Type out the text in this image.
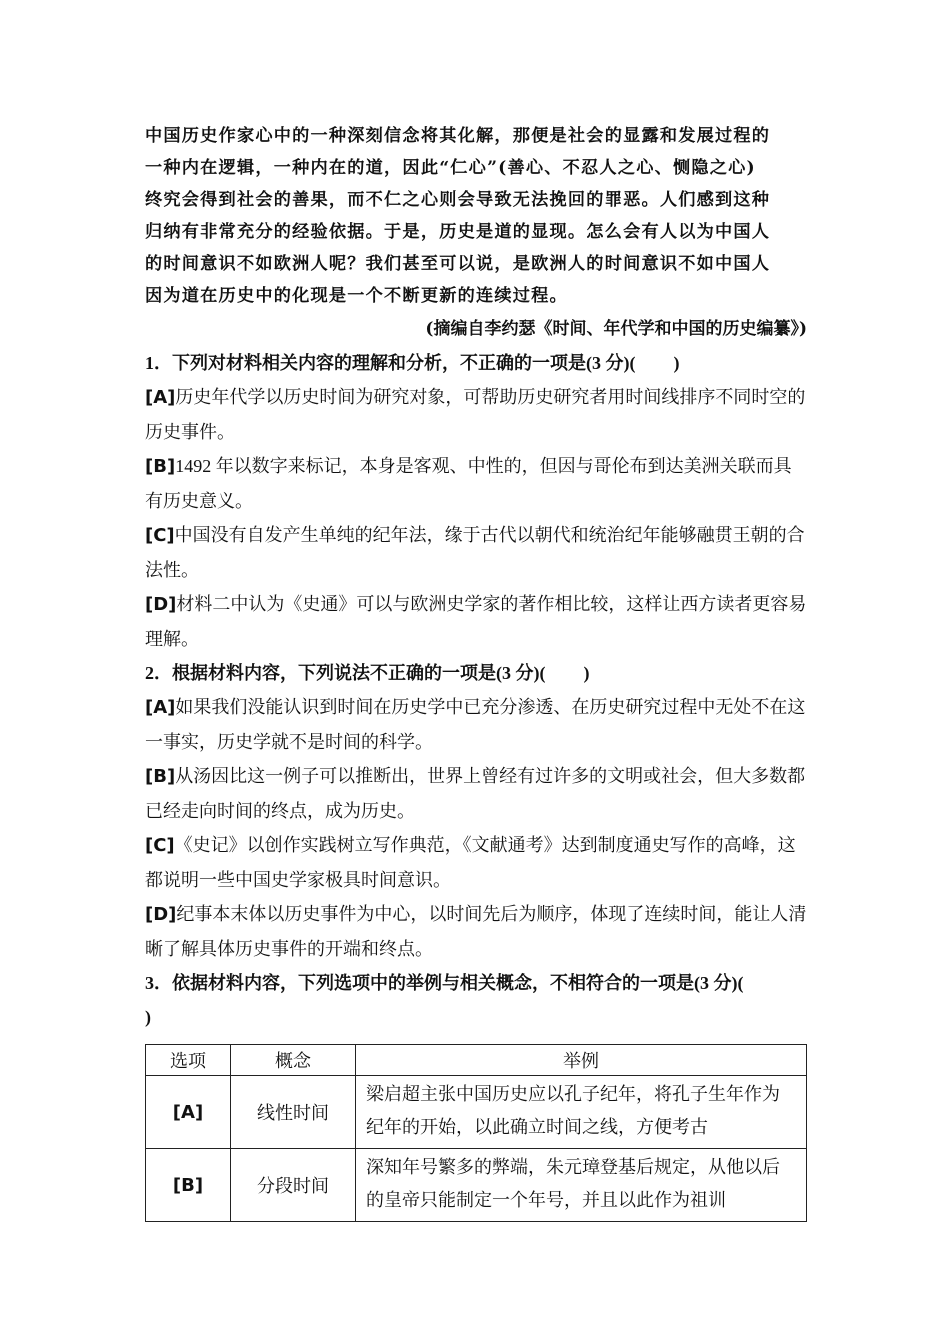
中国历史作家心中的一种深刻信念将其化解，那便是社会的显露和发展过程的
一种内在逻辑，一种内在的道，因此“仁心”(善心、不忍人之心、恻隐之心)
终究会得到社会的善果，而不仁之心则会导致无法挽回的罪恶。人们感到这种
归纳有非常充分的经验依据。于是，历史是道的显现。怎么会有人以为中国人
的时间意识不如欧洲人呢？我们甚至可以说，是欧洲人的时间意识不如中国人
因为道在历史中的化现是一个不断更新的连续过程。
(摘编自李约瑟《时间、年代学和中国的历史编纂》)
1．下列对材料相关内容的理解和分析，不正确的一项是(3 分)( )
[A]历史年代学以历史时间为研究对象，可帮助历史研究者用时间线排序不同时空的历史事件。
[B]1492 年以数字来标记，本身是客观、中性的，但因与哥伦布到达美洲关联而具有历史意义。
[C]中国没有自发产生单纯的纪年法，缘于古代以朝代和统治纪年能够融贯王朝的合法性。
[D]材料二中认为《史通》可以与欧洲史学家的著作相比较，这样让西方读者更容易理解。
2．根据材料内容，下列说法不正确的一项是(3 分)( )
[A]如果我们没能认识到时间在历史学中已充分渗透、在历史研究过程中无处不在这一事实，历史学就不是时间的科学。
[B]从汤因比这一例子可以推断出，世界上曾经有过许多的文明或社会，但大多数都已经走向时间的终点，成为历史。
[C]《史记》以创作实践树立写作典范，《文献通考》达到制度通史写作的高峰，这都说明一些中国史学家极具时间意识。
[D]纪事本末体以历史事件为中心，以时间先后为顺序，体现了连续时间，能让人清晰了解具体历史事件的开端和终点。
3．依据材料内容，下列选项中的举例与相关概念，不相符合的一项是(3 分)(
)
选项	概念	举例
[A]	线性时间	梁启超主张中国历史应以孔子纪年，将孔子生年作为纪年的开始，以此确立时间之线，方便考古
[B]	分段时间	深知年号繁多的弊端，朱元璋登基后规定，从他以后的皇帝只能制定一个年号，并且以此作为祖训
